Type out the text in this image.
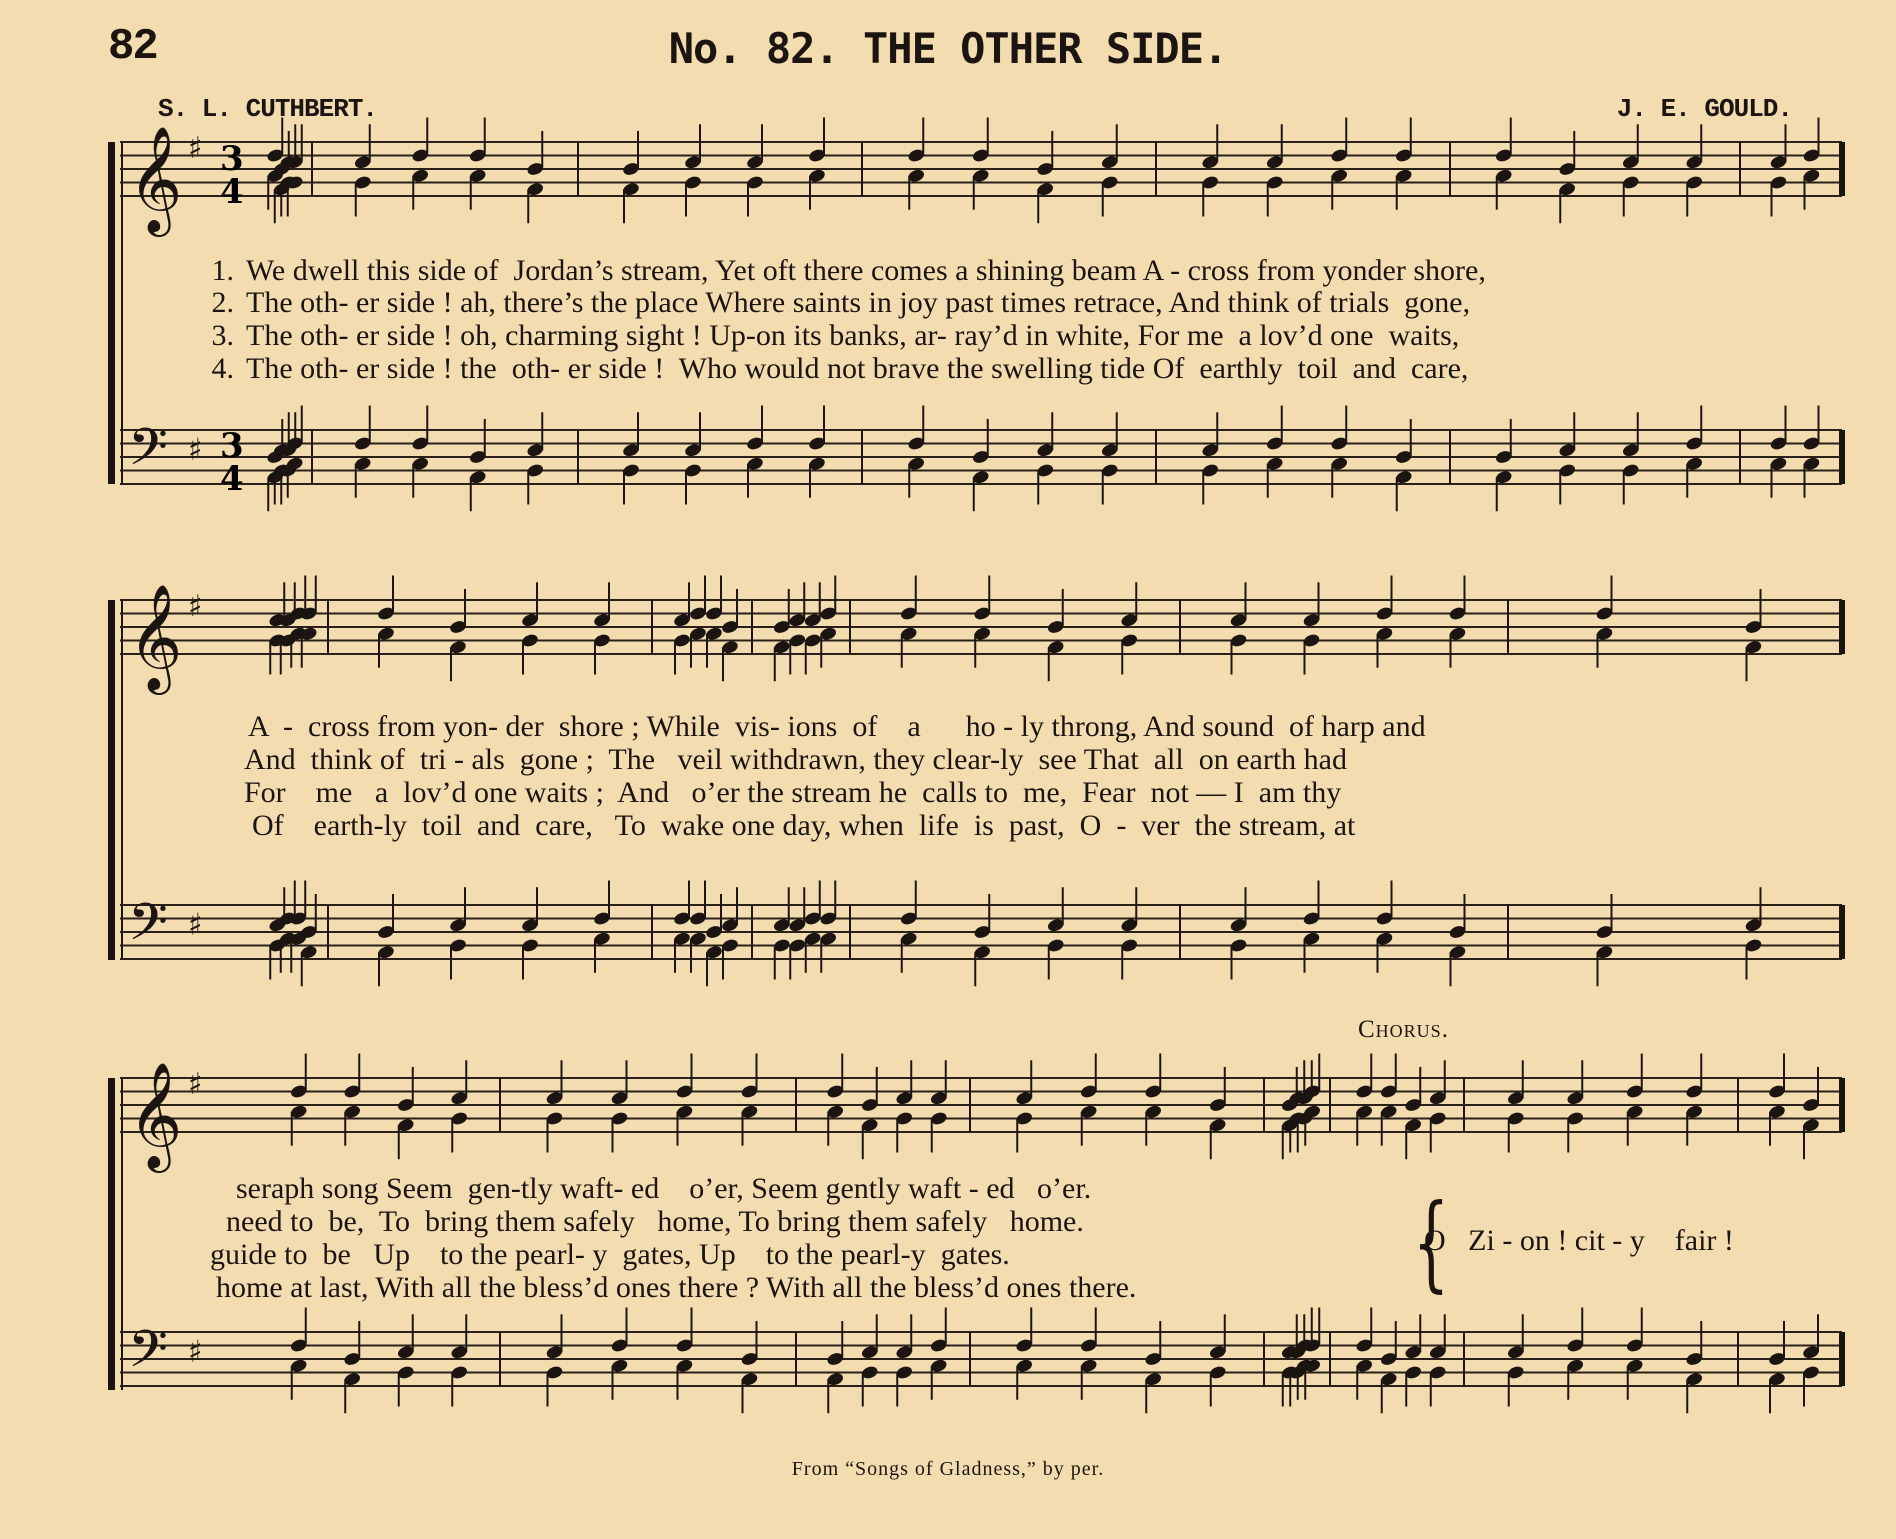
82	No. 82. THE OTHER SIDE.
S. L. CUTHBERT.	J. E. GOULD.
𝄞 ♯
𝄢 ♯
𝄞 ♯
𝄢 ♯
𝄞 ♯
𝄢 ♯
3
4
3
4
1. We dwell this side of  Jordan’s stream, Yet oft there comes a shining beam A - cross from yonder shore,
2. The oth- er side ! ah, there’s the place Where saints in joy past times retrace, And think of trials  gone,
3. The oth- er side ! oh, charming sight ! Up-on its banks, ar- ray’d in white, For me  a lov’d one  waits,
4. The oth- er side ! the  oth- er side !  Who would not brave the swelling tide Of  earthly  toil  and  care,
A  -  cross from yon- der  shore ; While  vis- ions  of    a      ho - ly throng, And sound  of harp and
And  think of  tri - als  gone ;  The   veil withdrawn, they clear-ly  see That  all  on earth had
For    me   a  lov’d one waits ;  And   o’er the stream he  calls to  me,  Fear  not — I  am thy
Of    earth-ly  toil  and  care,   To  wake one day, when  life  is  past,  O  -  ver  the stream, at
Chorus.
seraph song Seem  gen-tly waft- ed    o’er, Seem gently waft - ed   o’er.
need to  be,  To  bring them safely   home, To bring them safely   home.
guide to  be   Up    to the pearl- y  gates, Up    to the pearl-y  gates.
home at last, With all the bless’d ones there ? With all the bless’d ones there.	{
O   Zi - on ! cit - y    fair !
From “Songs of Gladness,” by per.
